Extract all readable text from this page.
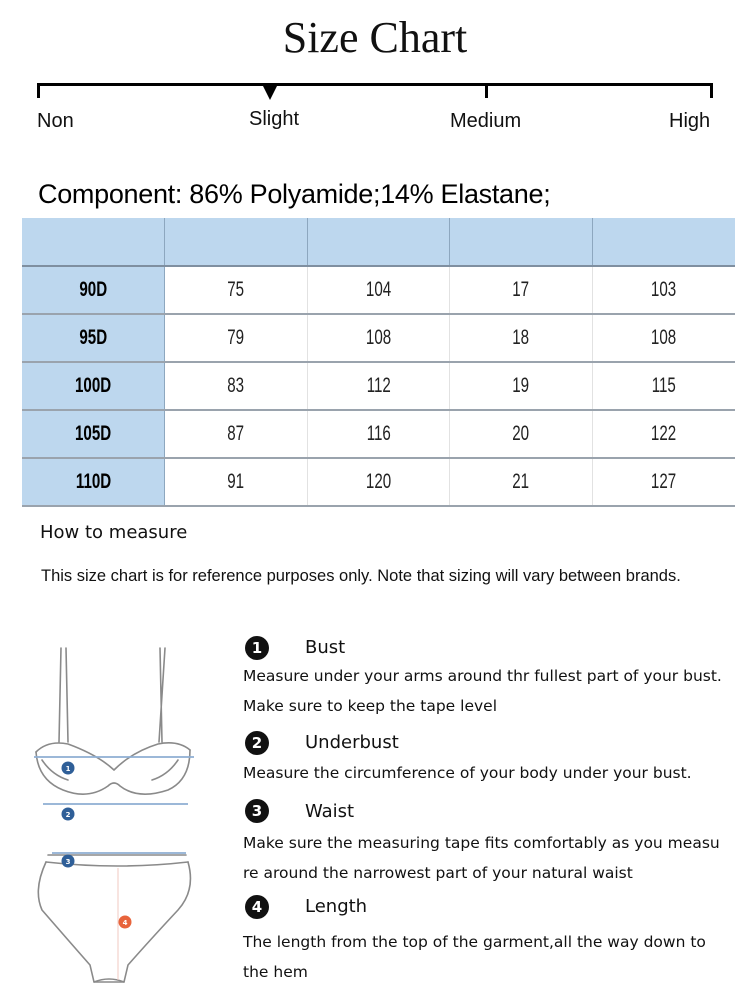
Size Chart
Non	Slight	Medium	High
Component: 86% Polyamide;14% Elastane;

90D	75	104	17	103
95D	79	108	18	108
100D	83	112	19	115
105D	87	116	20	122
110D	91	120	21	127
How to measure
This size chart is for reference purposes only. Note that sizing will vary between brands.
1
2
3
4
1	Bust
Measure under your arms around thr fullest part of your bust.
Make sure to keep the tape level
2	Underbust
Measure the circumference of your body under your bust.
3	Waist
Make sure the measuring tape fits comfortably as you measu
re around the narrowest part of your natural waist
4	Length
The length from the top of the garment,all the way down to
the hem
